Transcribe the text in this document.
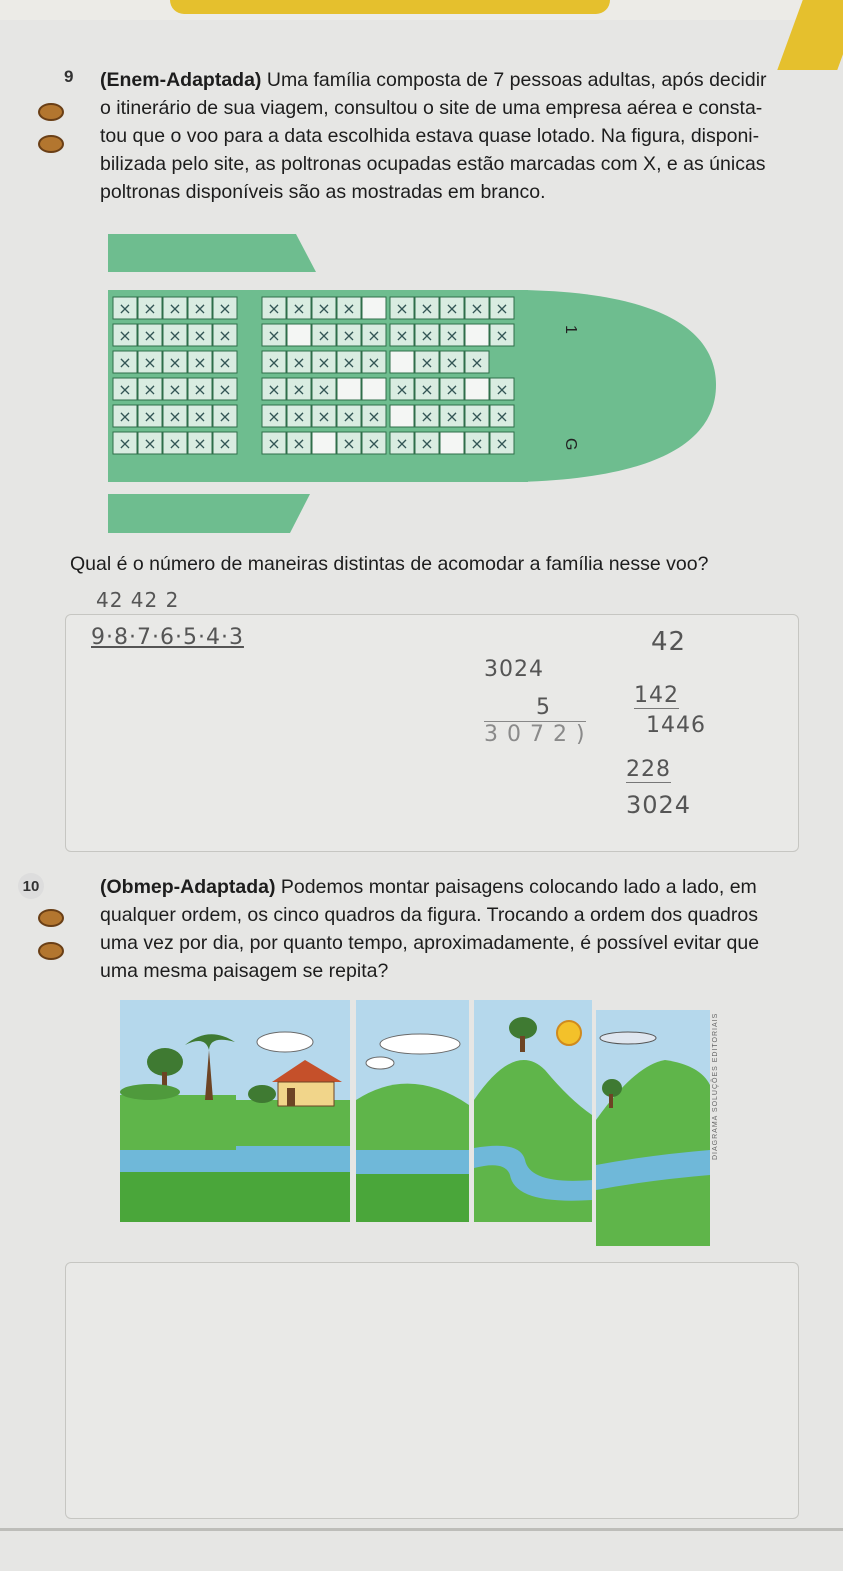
9 (Enem-Adaptada) Uma família composta de 7 pessoas adultas, após decidir
o itinerário de sua viagem, consultou o site de uma empresa aérea e consta-
tou que o voo para a data escolhida estava quase lotado. Na figura, disponi-
bilizada pelo site, as poltronas ocupadas estão marcadas com X, e as únicas
poltronas disponíveis são as mostradas em branco.
× × × × × × × × × × × × × ×
× × × × × × × × × × × × ×
× × × × × × × × × × × × ×
× × × × × × × ×	× × × ×
× × × × × × × × × × × × × ×
× × × × × × × × × × × × ×
1
G
Qual é o número de maneiras distintas de acomodar a família nesse voo?
42 42 2
9·8·7·6·5·4·3
3024
5
3 0 7 2 )
42
142
1446
228
3024
10	(Obmep-Adaptada) Podemos montar paisagens colocando lado a lado, em
qualquer ordem, os cinco quadros da figura. Trocando a ordem dos quadros
uma vez por dia, por quanto tempo, aproximadamente, é possível evitar que
uma mesma paisagem se repita?
DIAGRAMA SOLUÇÕES EDITORIAIS
